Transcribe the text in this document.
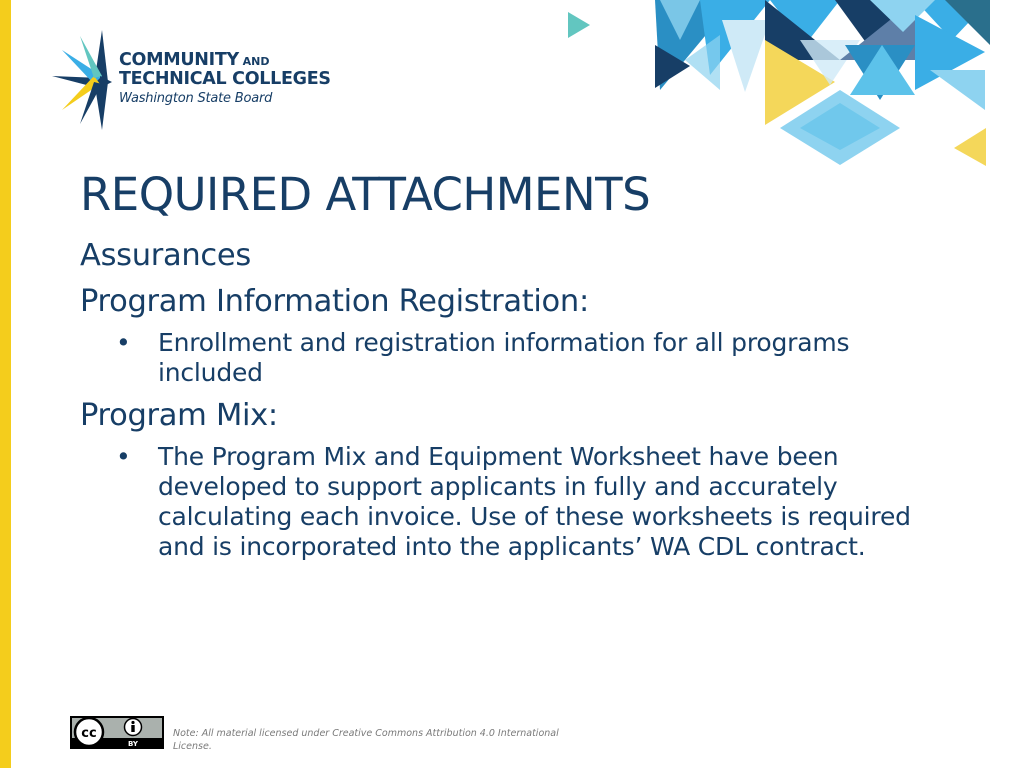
COMMUNITY AND
TECHNICAL COLLEGES
Washington State Board
REQUIRED ATTACHMENTS

Assurances

Program Information Registration:

• Enrollment and registration information for all programs included

Program Mix:

• The Program Mix and Equipment Worksheet have been developed to support applicants in fully and accurately calculating each invoice. Use of these worksheets is required and is incorporated into the applicants’ WA CDL contract.
cc
BY
Note: All material licensed under Creative Commons Attribution 4.0 International License.
